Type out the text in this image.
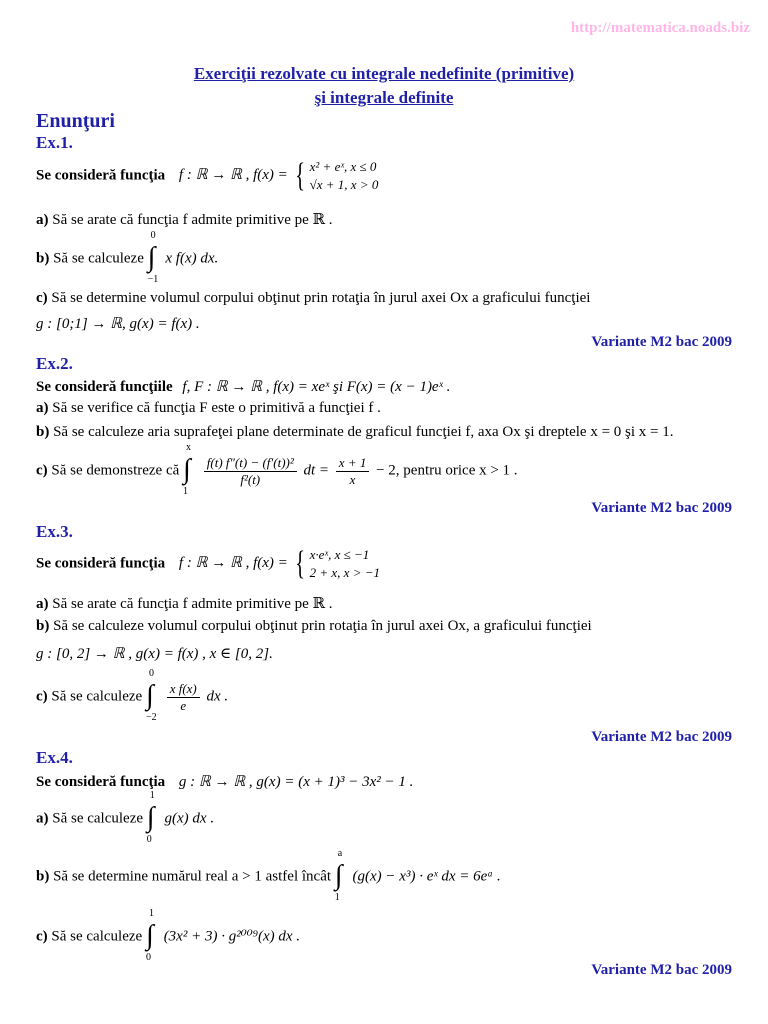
http://matematica.noads.biz
Exerciţii rezolvate cu integrale nedefinite (primitive)
şi integrale definite
Enunţuri
Ex.1.
Se consideră funcţia f : ℝ → ℝ , f(x) = { x² + eˣ, x ≤ 0
√x + 1, x > 0
a) Să se arate că funcţia f admite primitive pe ℝ .
b) Să se calculeze
0
∫
−1
x f(x) dx.
c) Să se determine volumul corpului obţinut prin rotaţia în jurul axei Ox a graficului funcţiei
g : [0;1] → ℝ, g(x) = f(x) .
Variante M2 bac 2009
Ex.2.
Se consideră funcţiile f, F : ℝ → ℝ , f(x) = xeˣ şi F(x) = (x − 1)eˣ .
a) Să se verifice că funcţia F este o primitivă a funcţiei f .
b) Să se calculeze aria suprafeţei plane determinate de graficul funcţiei f, axa Ox şi dreptele x = 0 şi x = 1.
c) Să se demonstreze că
x
∫
1

$\frac{\text{f(t) f″(t) − (f′(t))²}}{\text{f²(t)}}$ dt = $\frac{x + 1}{x} - 2$, pentru orice x > 1 .
Variante M2 bac 2009
Ex.3.
Se consideră funcţia f : ℝ → ℝ , f(x) = { x·eˣ, x ≤ −1
2 + x, x > −1
a) Să se arate că funcţia f admite primitive pe ℝ .
b) Să se calculeze volumul corpului obţinut prin rotaţia în jurul axei Ox, a graficului funcţiei
g : [0, 2] → ℝ , g(x) = f(x) , x ∈ [0, 2].
c) Să se calculeze
0
∫
−2

$\frac{\text{x f(x)}}{e}$ dx .
Variante M2 bac 2009
Ex.4.
Se consideră funcţia g : ℝ → ℝ , g(x) = (x + 1)³ − 3x² − 1 .
a) Să se calculeze
1
∫
0
g(x) dx .
b) Să se determine numărul real a > 1 astfel încât
a
∫
1
(g(x) − x³) · eˣ dx = 6eᵃ .
c) Să se calculeze
1
∫
0
(3x² + 3) · g²⁰⁰⁹(x) dx .
Variante M2 bac 2009
